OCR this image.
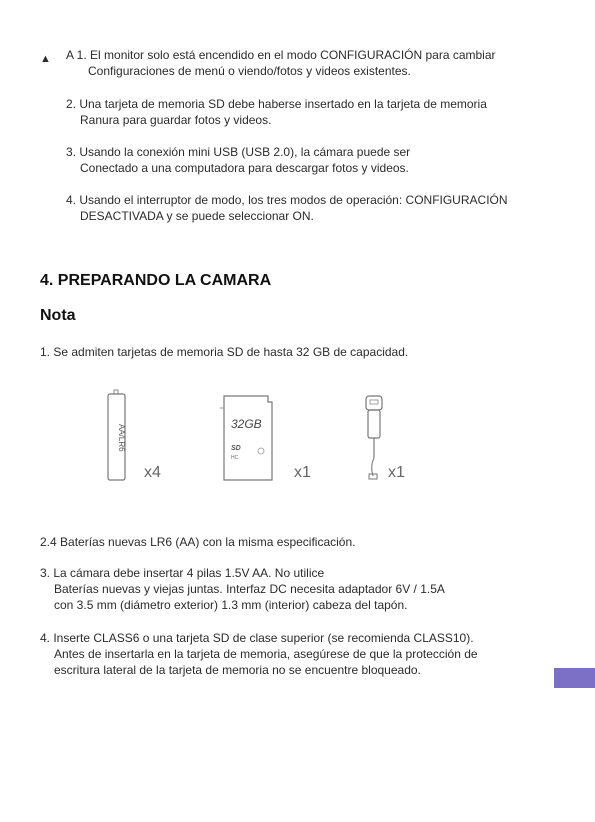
▲ A 1. El monitor solo está encendido en el modo CONFIGURACIÓN para cambiar
Configuraciones de menú o viendo/fotos y videos existentes.
2. Una tarjeta de memoria SD debe haberse insertado en la tarjeta de memoria
Ranura para guardar fotos y videos.
3. Usando la conexión mini USB (USB 2.0), la cámara puede ser
Conectado a una computadora para descargar fotos y videos.
4. Usando el interruptor de modo, los tres modos de operación: CONFIGURACIÓN
DESACTIVADA y se puede seleccionar ON.
4. PREPARANDO LA CAMARA
Nota
1. Se admiten tarjetas de memoria SD de hasta 32 GB de capacidad.
AA/LR6
x4
32GB
SD
HC
x1	x1
2.4 Baterías nuevas LR6 (AA) con la misma especificación.
3. La cámara debe insertar 4 pilas 1.5V AA. No utilice
Baterías nuevas y viejas juntas. Interfaz DC necesita adaptador 6V / 1.5A
con 3.5 mm (diámetro exterior) 1.3 mm (interior) cabeza del tapón.
4. Inserte CLASS6 o una tarjeta SD de clase superior (se recomienda CLASS10).
Antes de insertarla en la tarjeta de memoria, asegúrese de que la protección de
escritura lateral de la tarjeta de memoria no se encuentre bloqueado.
